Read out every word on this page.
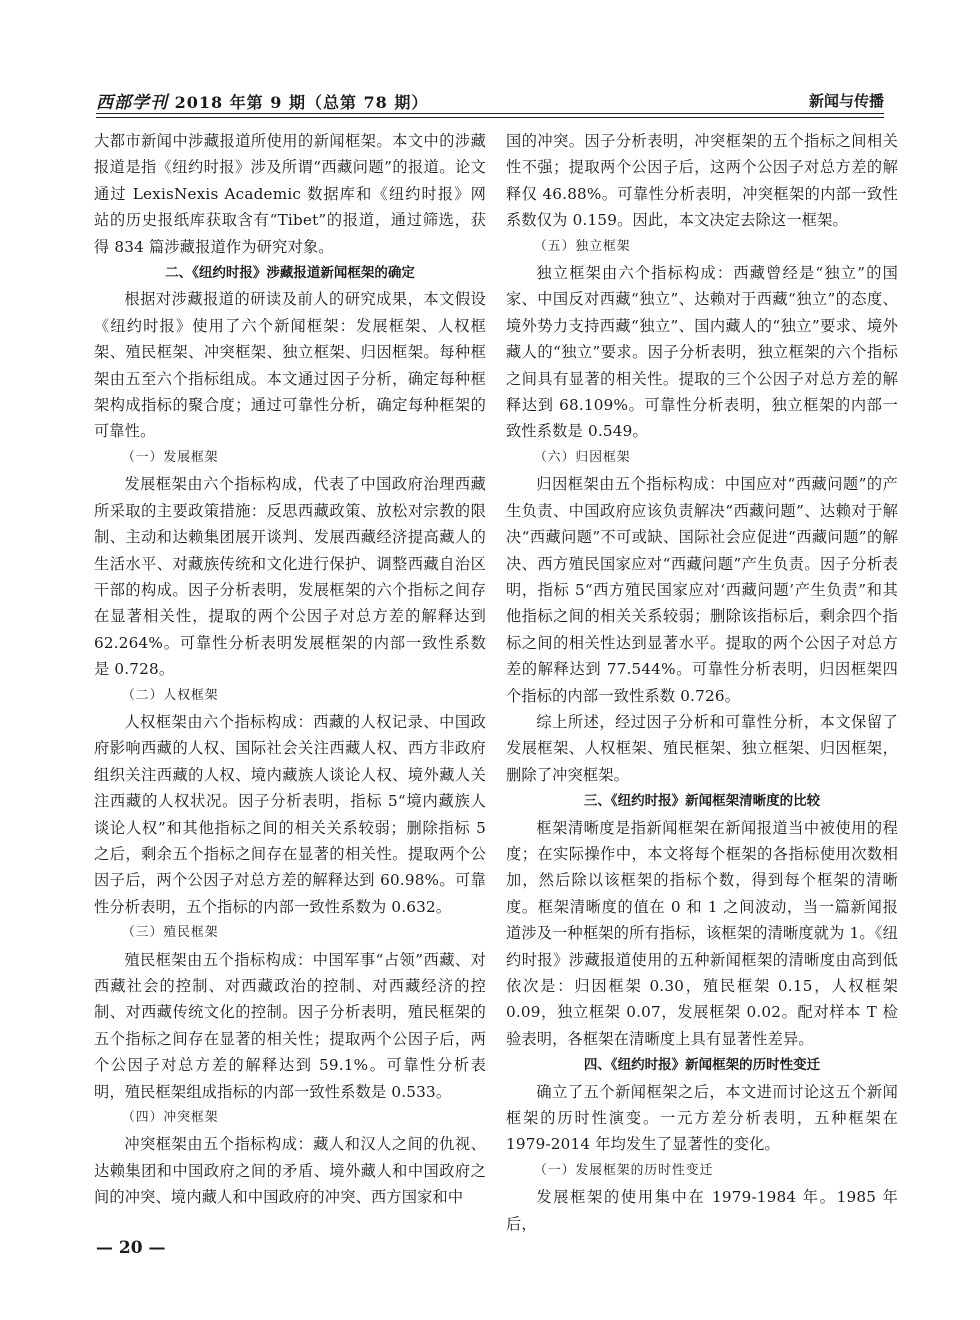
西部学刊 2018 年第 9 期（总第 78 期）	新闻与传播

大都市新闻中涉藏报道所使用的新闻框架。本文中的涉藏报道是指《纽约时报》涉及所谓“西藏问题”的报道。论文通过 LexisNexis Academic 数据库和《纽约时报》网站的历史报纸库获取含有“Tibet”的报道，通过筛选，获得 834 篇涉藏报道作为研究对象。

二、《纽约时报》涉藏报道新闻框架的确定

根据对涉藏报道的研读及前人的研究成果，本文假设《纽约时报》使用了六个新闻框架：发展框架、人权框架、殖民框架、冲突框架、独立框架、归因框架。每种框架由五至六个指标组成。本文通过因子分析，确定每种框架构成指标的聚合度；通过可靠性分析，确定每种框架的可靠性。

（一）发展框架

发展框架由六个指标构成，代表了中国政府治理西藏所采取的主要政策措施：反思西藏政策、放松对宗教的限制、主动和达赖集团展开谈判、发展西藏经济提高藏人的生活水平、对藏族传统和文化进行保护、调整西藏自治区干部的构成。因子分析表明，发展框架的六个指标之间存在显著相关性，提取的两个公因子对总方差的解释达到 62.264%。可靠性分析表明发展框架的内部一致性系数是 0.728。

（二）人权框架

人权框架由六个指标构成：西藏的人权记录、中国政府影响西藏的人权、国际社会关注西藏人权、西方非政府组织关注西藏的人权、境内藏族人谈论人权、境外藏人关注西藏的人权状况。因子分析表明，指标 5“境内藏族人谈论人权”和其他指标之间的相关关系较弱；删除指标 5 之后，剩余五个指标之间存在显著的相关性。提取两个公因子后，两个公因子对总方差的解释达到 60.98%。可靠性分析表明，五个指标的内部一致性系数为 0.632。

（三）殖民框架

殖民框架由五个指标构成：中国军事“占领”西藏、对西藏社会的控制、对西藏政治的控制、对西藏经济的控制、对西藏传统文化的控制。因子分析表明，殖民框架的五个指标之间存在显著的相关性；提取两个公因子后，两个公因子对总方差的解释达到 59.1%。可靠性分析表明，殖民框架组成指标的内部一致性系数是 0.533。

（四）冲突框架

冲突框架由五个指标构成：藏人和汉人之间的仇视、达赖集团和中国政府之间的矛盾、境外藏人和中国政府之间的冲突、境内藏人和中国政府的冲突、西方国家和中

国的冲突。因子分析表明，冲突框架的五个指标之间相关性不强；提取两个公因子后，这两个公因子对总方差的解释仅 46.88%。可靠性分析表明，冲突框架的内部一致性系数仅为 0.159。因此，本文决定去除这一框架。

（五）独立框架

独立框架由六个指标构成：西藏曾经是“独立”的国家、中国反对西藏“独立”、达赖对于西藏“独立”的态度、境外势力支持西藏“独立”、国内藏人的“独立”要求、境外藏人的“独立”要求。因子分析表明，独立框架的六个指标之间具有显著的相关性。提取的三个公因子对总方差的解释达到 68.109%。可靠性分析表明，独立框架的内部一致性系数是 0.549。

（六）归因框架

归因框架由五个指标构成：中国应对“西藏问题”的产生负责、中国政府应该负责解决“西藏问题”、达赖对于解决“西藏问题”不可或缺、国际社会应促进“西藏问题”的解决、西方殖民国家应对“西藏问题”产生负责。因子分析表明，指标 5“西方殖民国家应对‘西藏问题’产生负责”和其他指标之间的相关关系较弱；删除该指标后，剩余四个指标之间的相关性达到显著水平。提取的两个公因子对总方差的解释达到 77.544%。可靠性分析表明，归因框架四个指标的内部一致性系数 0.726。

综上所述，经过因子分析和可靠性分析，本文保留了发展框架、人权框架、殖民框架、独立框架、归因框架，删除了冲突框架。

三、《纽约时报》新闻框架清晰度的比较

框架清晰度是指新闻框架在新闻报道当中被使用的程度；在实际操作中，本文将每个框架的各指标使用次数相加，然后除以该框架的指标个数，得到每个框架的清晰度。框架清晰度的值在 0 和 1 之间波动，当一篇新闻报道涉及一种框架的所有指标，该框架的清晰度就为 1。《纽约时报》涉藏报道使用的五种新闻框架的清晰度由高到低依次是：归因框架 0.30，殖民框架 0.15，人权框架 0.09，独立框架 0.07，发展框架 0.02。配对样本 T 检验表明，各框架在清晰度上具有显著性差异。

四、《纽约时报》新闻框架的历时性变迁

确立了五个新闻框架之后，本文进而讨论这五个新闻框架的历时性演变。一元方差分析表明，五种框架在 1979-2014 年均发生了显著性的变化。

（一）发展框架的历时性变迁

发展框架的使用集中在 1979-1984 年。1985 年后，

— 20 —
